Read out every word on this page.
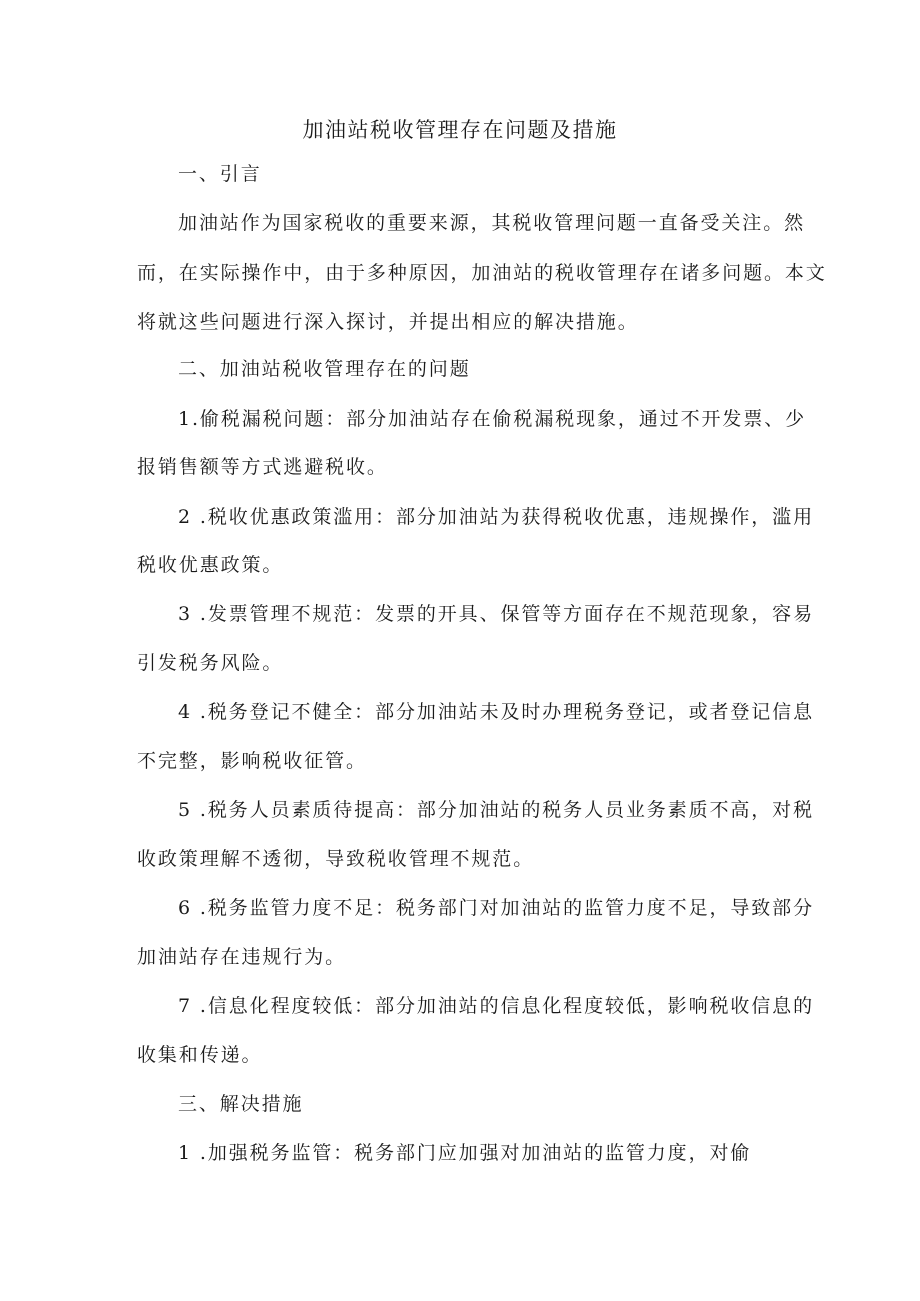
加油站税收管理存在问题及措施
一、引言
加油站作为国家税收的重要来源，其税收管理问题一直备受关注。然
而，在实际操作中，由于多种原因，加油站的税收管理存在诸多问题。本文
将就这些问题进行深入探讨，并提出相应的解决措施。
二、加油站税收管理存在的问题
1.偷税漏税问题：部分加油站存在偷税漏税现象，通过不开发票、少
报销售额等方式逃避税收。
2 .税收优惠政策滥用：部分加油站为获得税收优惠，违规操作，滥用
税收优惠政策。
3 .发票管理不规范：发票的开具、保管等方面存在不规范现象，容易
引发税务风险。
4 .税务登记不健全：部分加油站未及时办理税务登记，或者登记信息
不完整，影响税收征管。
5 .税务人员素质待提高：部分加油站的税务人员业务素质不高，对税
收政策理解不透彻，导致税收管理不规范。
6 .税务监管力度不足：税务部门对加油站的监管力度不足，导致部分
加油站存在违规行为。
7 .信息化程度较低：部分加油站的信息化程度较低，影响税收信息的
收集和传递。
三、解决措施
1 .加强税务监管：税务部门应加强对加油站的监管力度，对偷
